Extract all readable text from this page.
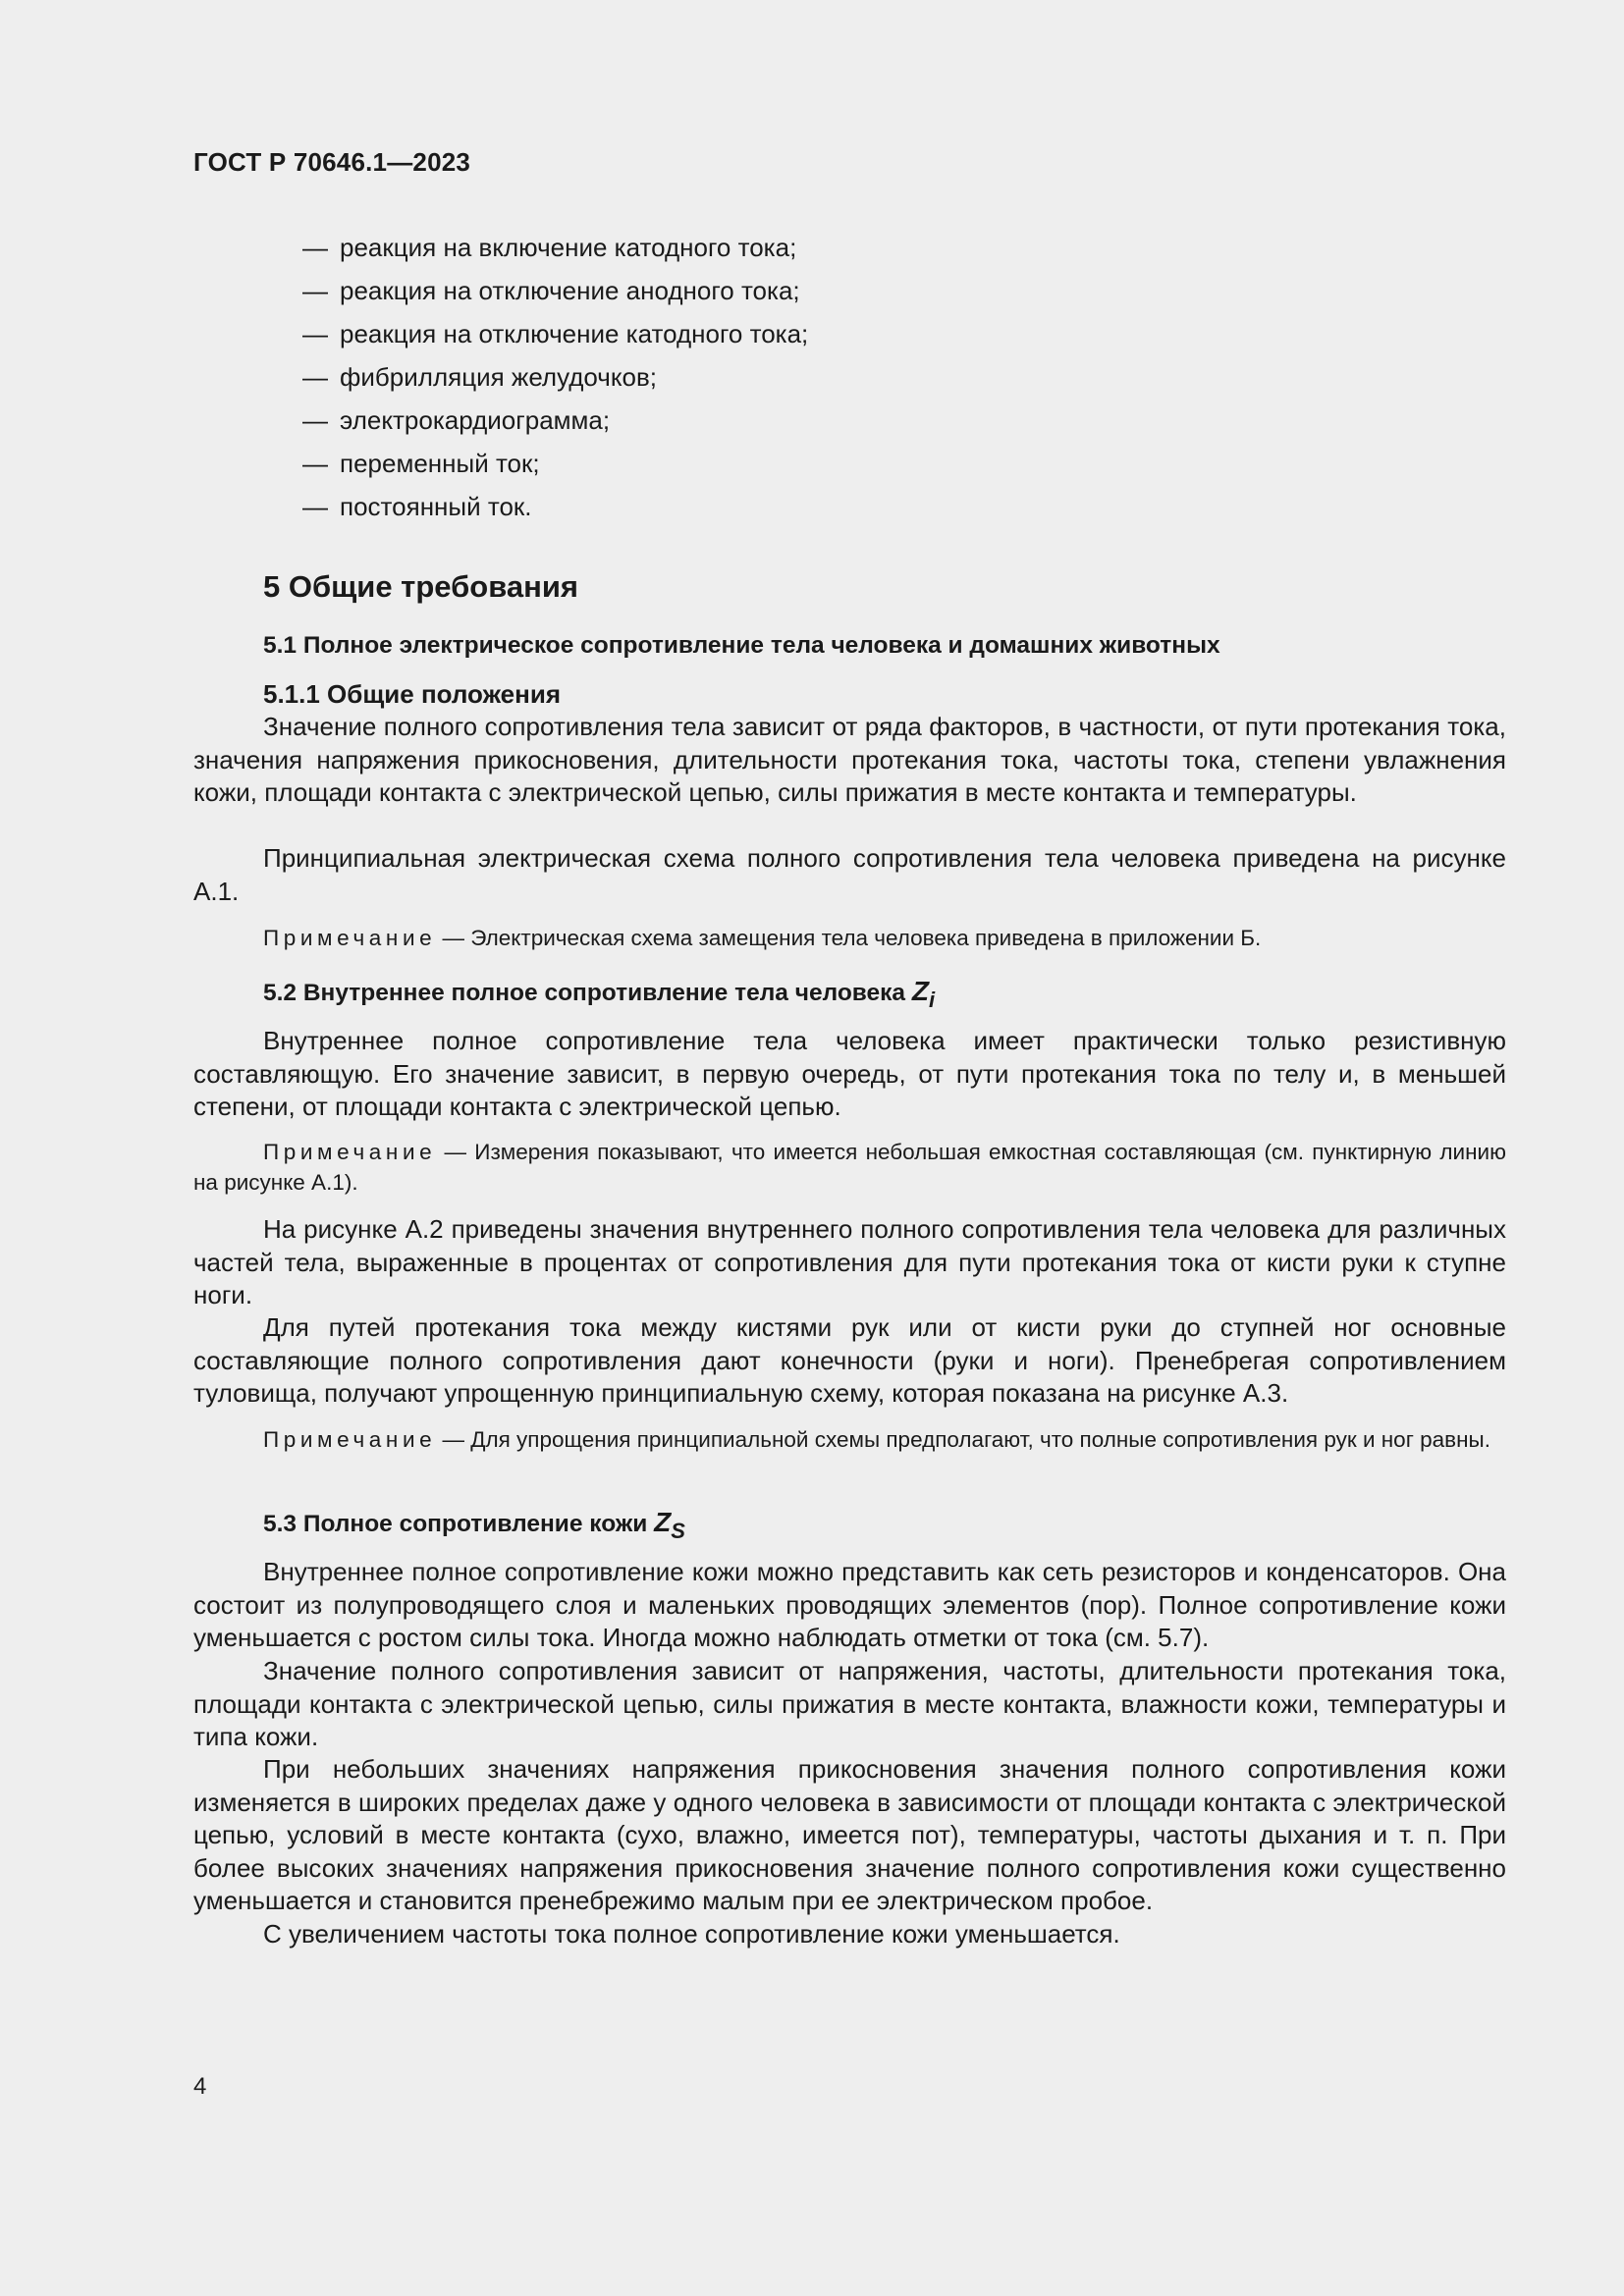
ГОСТ Р 70646.1—2023
— реакция на включение катодного тока;
— реакция на отключение анодного тока;
— реакция на отключение катодного тока;
— фибрилляция желудочков;
— электрокардиограмма;
— переменный ток;
— постоянный ток.
5 Общие требования
5.1 Полное электрическое сопротивление тела человека и домашних животных
5.1.1 Общие положения
Значение полного сопротивления тела зависит от ряда факторов, в частности, от пути протекания тока, значения напряжения прикосновения, длительности протекания тока, частоты тока, степени увлажнения кожи, площади контакта с электрической цепью, силы прижатия в месте контакта и температуры.
Принципиальная электрическая схема полного сопротивления тела человека приведена на рисунке А.1.
Примечание — Электрическая схема замещения тела человека приведена в приложении Б.
5.2 Внутреннее полное сопротивление тела человека $Z_i$
Внутреннее полное сопротивление тела человека имеет практически только резистивную составляющую. Его значение зависит, в первую очередь, от пути протекания тока по телу и, в меньшей степени, от площади контакта с электрической цепью.
Примечание — Измерения показывают, что имеется небольшая емкостная составляющая (см. пунктирную линию на рисунке А.1).
На рисунке А.2 приведены значения внутреннего полного сопротивления тела человека для различных частей тела, выраженные в процентах от сопротивления для пути протекания тока от кисти руки к ступне ноги.
Для путей протекания тока между кистями рук или от кисти руки до ступней ног основные составляющие полного сопротивления дают конечности (руки и ноги). Пренебрегая сопротивлением туловища, получают упрощенную принципиальную схему, которая показана на рисунке А.3.
Примечание — Для упрощения принципиальной схемы предполагают, что полные сопротивления рук и ног равны.
5.3 Полное сопротивление кожи $Z_S$
Внутреннее полное сопротивление кожи можно представить как сеть резисторов и конденсаторов. Она состоит из полупроводящего слоя и маленьких проводящих элементов (пор). Полное сопротивление кожи уменьшается с ростом силы тока. Иногда можно наблюдать отметки от тока (см. 5.7).
Значение полного сопротивления зависит от напряжения, частоты, длительности протекания тока, площади контакта с электрической цепью, силы прижатия в месте контакта, влажности кожи, температуры и типа кожи.
При небольших значениях напряжения прикосновения значения полного сопротивления кожи изменяется в широких пределах даже у одного человека в зависимости от площади контакта с электрической цепью, условий в месте контакта (сухо, влажно, имеется пот), температуры, частоты дыхания и т. п. При более высоких значениях напряжения прикосновения значение полного сопротивления кожи существенно уменьшается и становится пренебрежимо малым при ее электрическом пробое.
С увеличением частоты тока полное сопротивление кожи уменьшается.
4
